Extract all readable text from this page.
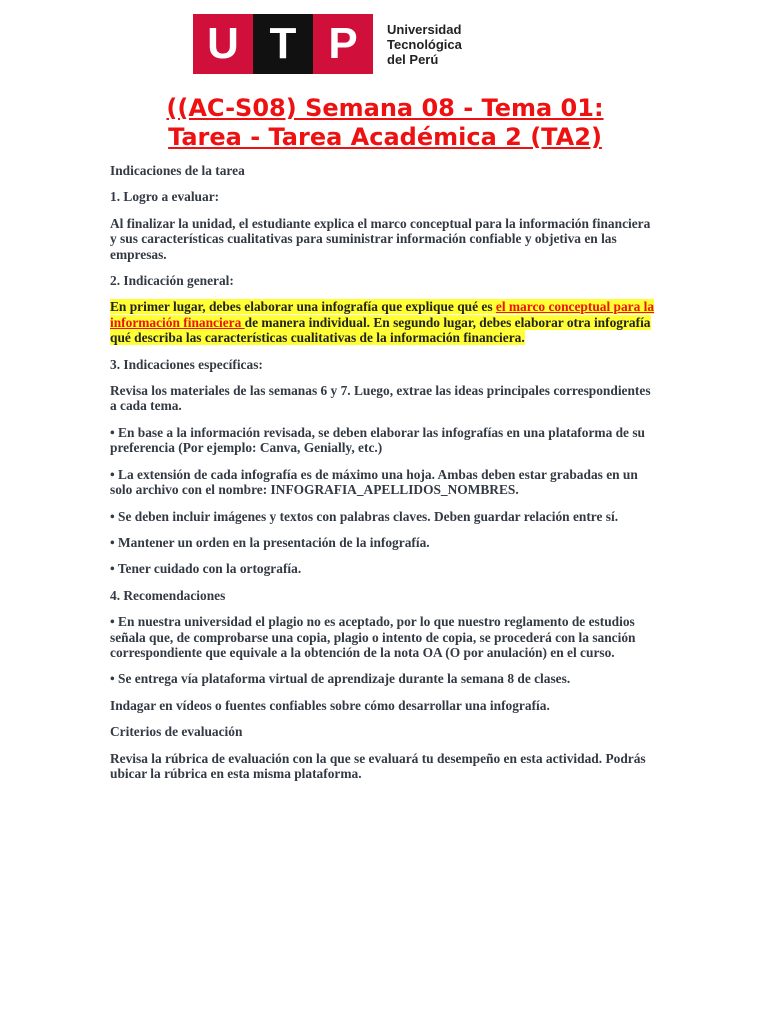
U T P	Universidad
Tecnológica
del Perú
((AC-S08) Semana 08 - Tema 01:
Tarea - Tarea Académica 2 (TA2)

Indicaciones de la tarea

1. Logro a evaluar:

Al finalizar la unidad, el estudiante explica el marco conceptual para la información financiera y sus características cualitativas para suministrar información confiable y objetiva en las empresas.

2. Indicación general:

En primer lugar, debes elaborar una infografía que explique qué es el marco conceptual para la información financiera de manera individual. En segundo lugar, debes elaborar otra infografía qué describa las características cualitativas de la información financiera.

3. Indicaciones específicas:

Revisa los materiales de las semanas 6 y 7. Luego, extrae las ideas principales correspondientes a cada tema.

• En base a la información revisada, se deben elaborar las infografías en una plataforma de su preferencia (Por ejemplo: Canva, Genially, etc.)

• La extensión de cada infografía es de máximo una hoja. Ambas deben estar grabadas en un solo archivo con el nombre: INFOGRAFIA_APELLIDOS_NOMBRES.

• Se deben incluir imágenes y textos con palabras claves. Deben guardar relación entre sí.

• Mantener un orden en la presentación de la infografía.

• Tener cuidado con la ortografía.

4. Recomendaciones

• En nuestra universidad el plagio no es aceptado, por lo que nuestro reglamento de estudios señala que, de comprobarse una copia, plagio o intento de copia, se procederá con la sanción correspondiente que equivale a la obtención de la nota OA (O por anulación) en el curso.

• Se entrega vía plataforma virtual de aprendizaje durante la semana 8 de clases.

Indagar en vídeos o fuentes confiables sobre cómo desarrollar una infografía.

Criterios de evaluación

Revisa la rúbrica de evaluación con la que se evaluará tu desempeño en esta actividad. Podrás ubicar la rúbrica en esta misma plataforma.
